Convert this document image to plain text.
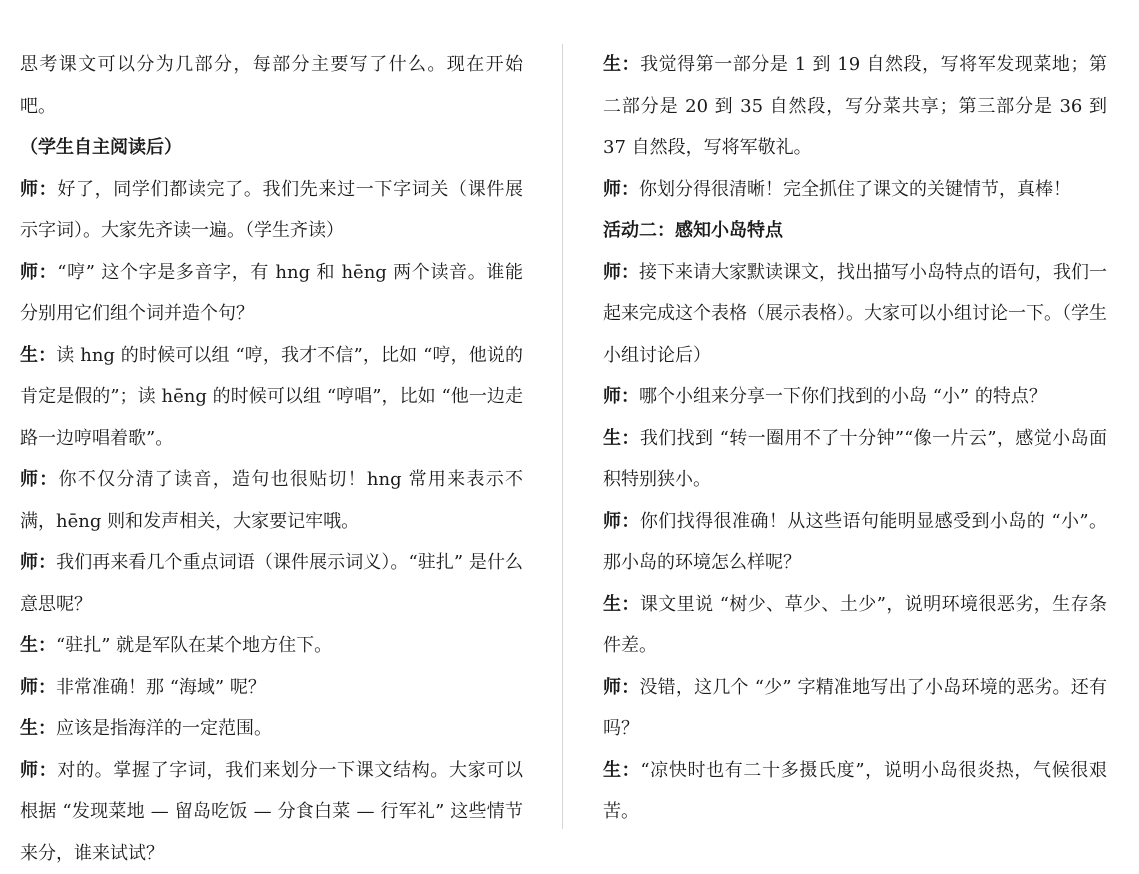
思考课文可以分为几部分，每部分主要写了什么。现在开始吧。

（学生自主阅读后）

师：好了，同学们都读完了。我们先来过一下字词关（课件展示字词）。大家先齐读一遍。（学生齐读）

师：“哼” 这个字是多音字，有 hng 和 hēng 两个读音。谁能分别用它们组个词并造个句？

生：读 hng 的时候可以组 “哼，我才不信”，比如 “哼，他说的肯定是假的”；读 hēng 的时候可以组 “哼唱”，比如 “他一边走路一边哼唱着歌”。

师：你不仅分清了读音，造句也很贴切！hng 常用来表示不满，hēng 则和发声相关，大家要记牢哦。

师：我们再来看几个重点词语（课件展示词义）。“驻扎” 是什么意思呢？

生：“驻扎” 就是军队在某个地方住下。

师：非常准确！那 “海域” 呢？

生：应该是指海洋的一定范围。

师：对的。掌握了字词，我们来划分一下课文结构。大家可以根据 “发现菜地 — 留岛吃饭 — 分食白菜 — 行军礼” 这些情节来分，谁来试试？

生：我觉得第一部分是 1 到 19 自然段，写将军发现菜地；第二部分是 20 到 35 自然段，写分菜共享；第三部分是 36 到 37 自然段，写将军敬礼。

师：你划分得很清晰！完全抓住了课文的关键情节，真棒！

活动二：感知小岛特点

师：接下来请大家默读课文，找出描写小岛特点的语句，我们一起来完成这个表格（展示表格）。大家可以小组讨论一下。（学生小组讨论后）

师：哪个小组来分享一下你们找到的小岛 “小” 的特点？

生：我们找到 “转一圈用不了十分钟”“像一片云”，感觉小岛面积特别狭小。

师：你们找得很准确！从这些语句能明显感受到小岛的 “小”。那小岛的环境怎么样呢？

生：课文里说 “树少、草少、土少”，说明环境很恶劣，生存条件差。

师：没错，这几个 “少” 字精准地写出了小岛环境的恶劣。还有吗？

生：“凉快时也有二十多摄氏度”，说明小岛很炎热，气候很艰苦。
